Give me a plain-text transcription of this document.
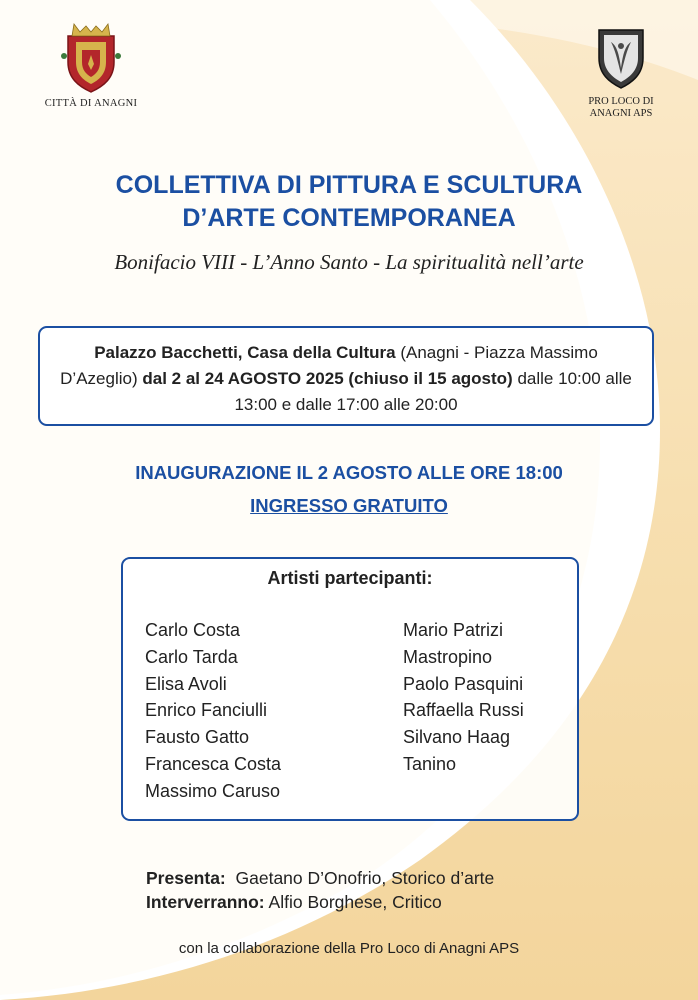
CITTÀ DI ANAGNI	PRO LOCO DI
ANAGNI APS
COLLETTIVA DI PITTURA E SCULTURA
D’ARTE CONTEMPORANEA
Bonifacio VIII - L’Anno Santo - La spiritualità nell’arte
Palazzo Bacchetti, Casa della Cultura (Anagni - Piazza Massimo D’Azeglio) dal 2 al 24 AGOSTO 2025 (chiuso il 15 agosto) dalle 10:00 alle 13:00 e dalle 17:00 alle 20:00
INAUGURAZIONE IL 2 AGOSTO ALLE ORE 18:00
INGRESSO GRATUITO
Artisti partecipanti:
Carlo Costa
Carlo Tarda
Elisa Avoli
Enrico Fanciulli
Fausto Gatto
Francesca Costa
Massimo Caruso
Mario Patrizi
Mastropino
Paolo Pasquini
Raffaella Russi
Silvano Haag
Tanino
Presenta: Gaetano D’Onofrio, Storico d’arte
Interverranno: Alfio Borghese, Critico
con la collaborazione della Pro Loco di Anagni APS
